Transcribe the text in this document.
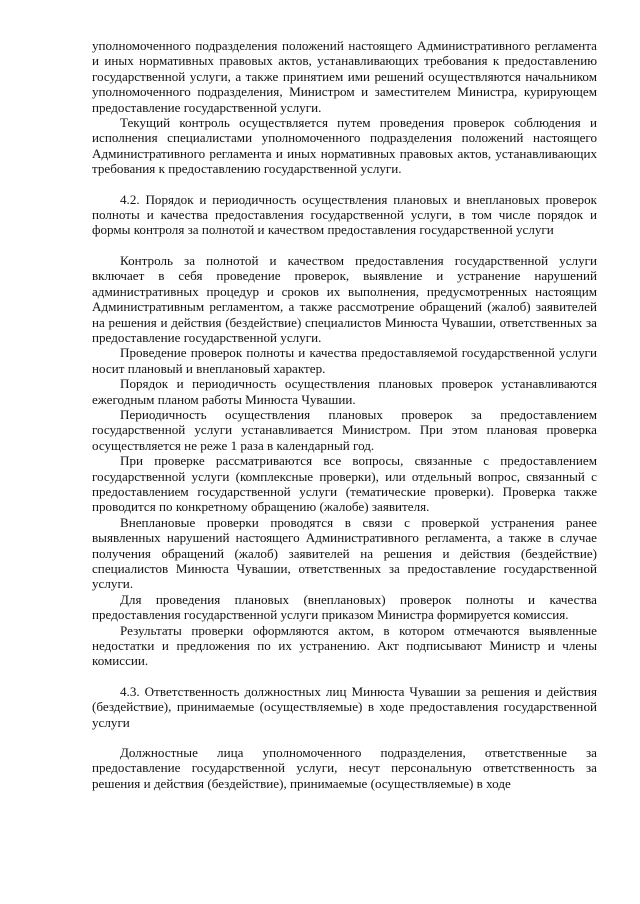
уполномоченного подразделения положений настоящего Административного регламента и иных нормативных правовых актов, устанавливающих требования к предоставлению государственной услуги, а также принятием ими решений осуществляются начальником уполномоченного подразделения, Министром и заместителем Министра, курирующем предоставление государственной услуги.

Текущий контроль осуществляется путем проведения проверок соблюдения и исполнения специалистами уполномоченного подразделения положений настоящего Административного регламента и иных нормативных правовых актов, устанавливающих требования к предоставлению государственной услуги.

4.2. Порядок и периодичность осуществления плановых и внеплановых проверок полноты и качества предоставления государственной услуги, в том числе порядок и формы контроля за полнотой и качеством предоставления государственной услуги

Контроль за полнотой и качеством предоставления государственной услуги включает в себя проведение проверок, выявление и устранение нарушений административных процедур и сроков их выполнения, предусмотренных настоящим Административным регламентом, а также рассмотрение обращений (жалоб) заявителей на решения и действия (бездействие) специалистов Минюста Чувашии, ответственных за предоставление государственной услуги.

Проведение проверок полноты и качества предоставляемой государственной услуги носит плановый и внеплановый характер.

Порядок и периодичность осуществления плановых проверок устанавливаются ежегодным планом работы Минюста Чувашии.

Периодичность осуществления плановых проверок за предоставлением государственной услуги устанавливается Министром. При этом плановая проверка осуществляется не реже 1 раза в календарный год.

При проверке рассматриваются все вопросы, связанные с предоставлением государственной услуги (комплексные проверки), или отдельный вопрос, связанный с предоставлением государственной услуги (тематические проверки). Проверка также проводится по конкретному обращению (жалобе) заявителя.

Внеплановые проверки проводятся в связи с проверкой устранения ранее выявленных нарушений настоящего Административного регламента, а также в случае получения обращений (жалоб) заявителей на решения и действия (бездействие) специалистов Минюста Чувашии, ответственных за предоставление государственной услуги.

Для проведения плановых (внеплановых) проверок полноты и качества предоставления государственной услуги приказом Министра формируется комиссия.

Результаты проверки оформляются актом, в котором отмечаются выявленные недостатки и предложения по их устранению. Акт подписывают Министр и члены комиссии.

4.3. Ответственность должностных лиц Минюста Чувашии за решения и действия (бездействие), принимаемые (осуществляемые) в ходе предоставления государственной услуги

Должностные лица уполномоченного подразделения, ответственные за предоставление государственной услуги, несут персональную ответственность за решения и действия (бездействие), принимаемые (осуществляемые) в ходе
